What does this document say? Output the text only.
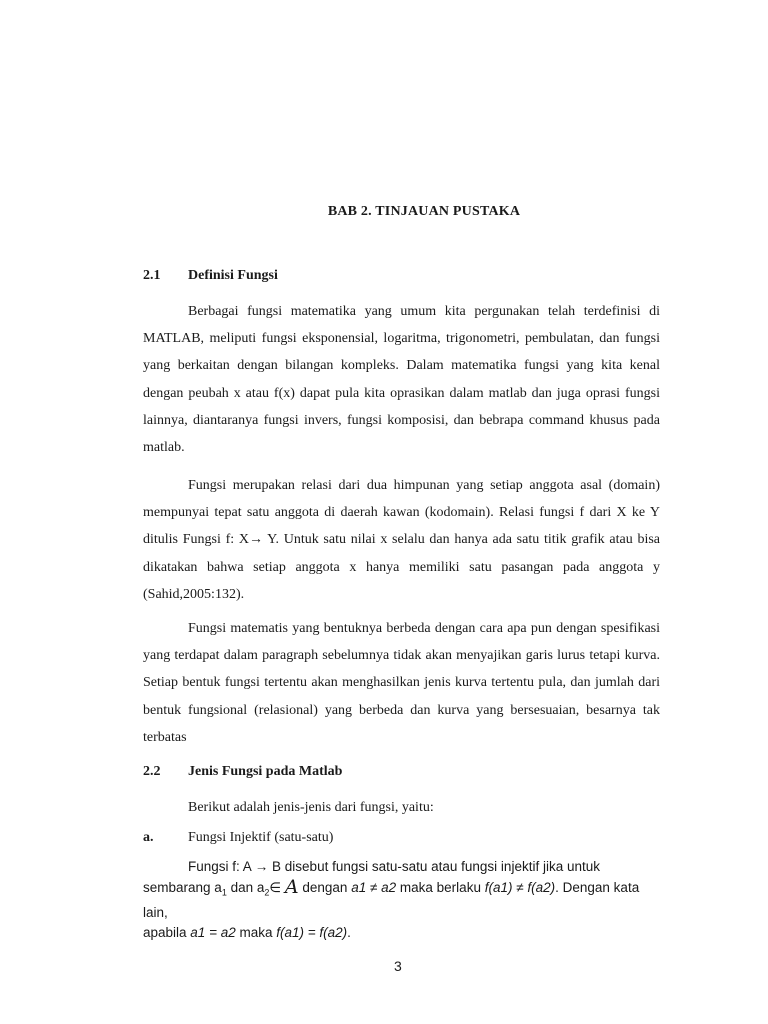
BAB 2. TINJAUAN PUSTAKA
2.1 Definisi Fungsi

Berbagai fungsi matematika yang umum kita pergunakan telah terdefinisi di MATLAB, meliputi fungsi eksponensial, logaritma, trigonometri, pembulatan, dan fungsi yang berkaitan dengan bilangan kompleks. Dalam matematika fungsi yang kita kenal dengan peubah x atau f(x) dapat pula kita oprasikan dalam matlab dan juga oprasi fungsi lainnya, diantaranya fungsi invers, fungsi komposisi, dan bebrapa command khusus pada matlab.

Fungsi merupakan relasi dari dua himpunan yang setiap anggota asal (domain) mempunyai tepat satu anggota di daerah kawan (kodomain). Relasi fungsi f dari X ke Y ditulis Fungsi f: X→ Y. Untuk satu nilai x selalu dan hanya ada satu titik grafik atau bisa dikatakan bahwa setiap anggota x hanya memiliki satu pasangan pada anggota y (Sahid,2005:132).

Fungsi matematis yang bentuknya berbeda dengan cara apa pun dengan spesifikasi yang terdapat dalam paragraph sebelumnya tidak akan menyajikan garis lurus tetapi kurva. Setiap bentuk fungsi tertentu akan menghasilkan jenis kurva tertentu pula, dan jumlah dari bentuk fungsional (relasional) yang berbeda dan kurva yang bersesuaian, besarnya tak terbatas

2.2 Jenis Fungsi pada Matlab
Berikut adalah jenis-jenis dari fungsi, yaitu:
a. Fungsi Injektif (satu-satu)
Fungsi f: A → B disebut fungsi satu-satu atau fungsi injektif jika untuk
sembarang $a_1$ dan $a_2\in$ A dengan a1 ≠ a2 maka berlaku f(a1) ≠ f(a2). Dengan kata lain,
apabila a1 = a2 maka f(a1) = f(a2).
3
